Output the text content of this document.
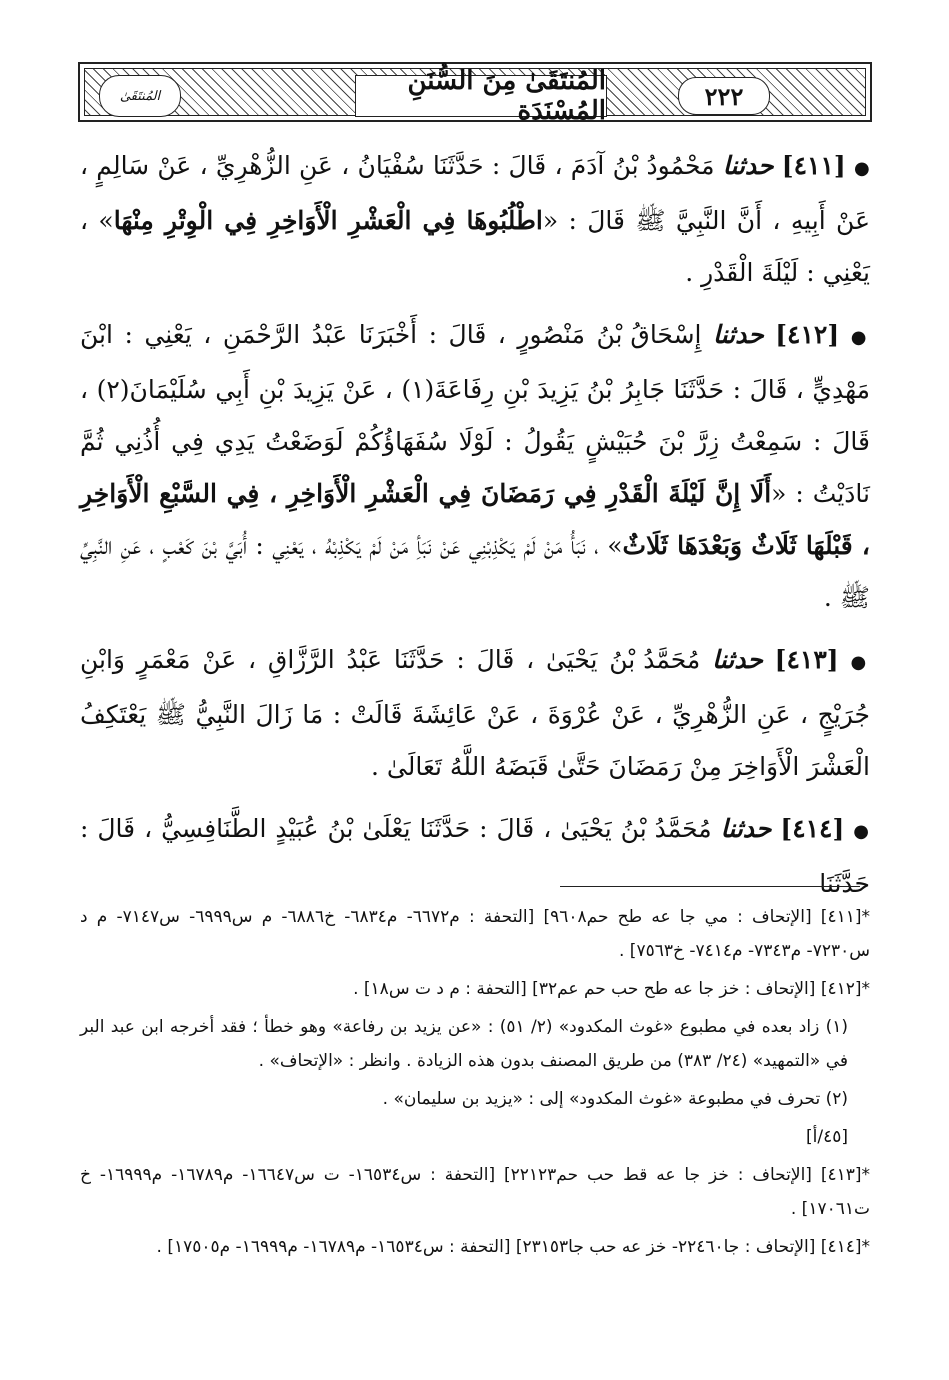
المُنتَقَىٰ	المُنتَقَىٰ مِنَ السُّنَنِ المُسْنَدَة	٢٢٢

● [٤١١] حدثنا مَحْمُودُ بْنُ آدَمَ ، قَالَ : حَدَّثَنَا سُفْيَانُ ، عَنِ الزُّهْرِيِّ ، عَنْ سَالِمٍ ، عَنْ أَبِيهِ ، أَنَّ النَّبِيَّ ﷺ قَالَ : «اطْلُبُوهَا فِي الْعَشْرِ الْأَوَاخِرِ فِي الْوِتْرِ مِنْهَا» ، يَعْنِي : لَيْلَةَ الْقَدْرِ .

● [٤١٢] حدثنا إِسْحَاقُ بْنُ مَنْصُورٍ ، قَالَ : أَخْبَرَنَا عَبْدُ الرَّحْمَنِ ، يَعْنِي : ابْنَ مَهْدِيٍّ ، قَالَ : حَدَّثَنَا جَابِرُ بْنُ يَزِيدَ بْنِ رِفَاعَةَ(١) ، عَنْ يَزِيدَ بْنِ أَبِي سُلَيْمَانَ(٢) ، قَالَ : سَمِعْتُ زِرَّ بْنَ حُبَيْشٍ يَقُولُ : لَوْلَا سُفَهَاؤُكُمْ لَوَضَعْتُ يَدِي فِي أُذُنِي ثُمَّ نَادَيْتُ : «أَلَا إِنَّ لَيْلَةَ الْقَدْرِ فِي رَمَضَانَ فِي الْعَشْرِ الْأَوَاخِرِ ، فِي السَّبْعِ الْأَوَاخِرِ ، قَبْلَهَا ثَلَاثٌ وَبَعْدَهَا ثَلَاثٌ» ، نَبَأُ مَنْ لَمْ يَكْذِبْنِي عَنْ نَبَأِ مَنْ لَمْ يَكْذِبْهُ ، يَعْنِي : أُبَيَّ بْنَ كَعْبٍ ، عَنِ النَّبِيِّ ﷺ .

● [٤١٣] حدثنا مُحَمَّدُ بْنُ يَحْيَىٰ ، قَالَ : حَدَّثَنَا عَبْدُ الرَّزَّاقِ ، عَنْ مَعْمَرٍ وَابْنِ جُرَيْجٍ ، عَنِ الزُّهْرِيِّ ، عَنْ عُرْوَةَ ، عَنْ عَائِشَةَ قَالَتْ : مَا زَالَ النَّبِيُّ ﷺ يَعْتَكِفُ الْعَشْرَ الْأَوَاخِرَ مِنْ رَمَضَانَ حَتَّىٰ قَبَضَهُ اللَّهُ تَعَالَىٰ .

● [٤١٤] حدثنا مُحَمَّدُ بْنُ يَحْيَىٰ ، قَالَ : حَدَّثَنَا يَعْلَىٰ بْنُ عُبَيْدٍ الطَّنَافِسِيُّ ، قَالَ : حَدَّثَنَا

*[٤١١] [الإتحاف : مي جا عه طح حم٩٦٠٨] [التحفة : م٦٦٧٢- م٦٨٣٤- خ٦٨٨٦- م س٦٩٩٩- س٧١٤٧- م د س٧٢٣٠- م٧٣٤٣- م٧٤١٤- خ٧٥٦٣] .

*[٤١٢] [الإتحاف : خز جا عه طح حب حم عم٣٢] [التحفة : م د ت س١٨] .

(١) زاد بعده في مطبوع «غوث المكدود» (٢/ ٥١) : «عن يزيد بن رفاعة» وهو خطأ ؛ فقد أخرجه ابن عبد البر في «التمهيد» (٢٤/ ٣٨٣) من طريق المصنف بدون هذه الزيادة . وانظر : «الإتحاف» .

(٢) تحرف في مطبوعة «غوث المكدود» إلى : «يزيد بن سليمان» .

[٤٥/أ]

*[٤١٣] [الإتحاف : خز جا عه قط حب حم٢٢١٢٣] [التحفة : س١٦٥٣٤- ت س١٦٦٤٧- م١٦٧٨٩- م١٦٩٩٩- خ ت١٧٠٦١] .

*[٤١٤] [الإتحاف : جا٢٢٤٦٠- خز عه حب جا٢٣١٥٣] [التحفة : س١٦٥٣٤- م١٦٧٨٩- م١٦٩٩٩- م١٧٥٠٥] .
